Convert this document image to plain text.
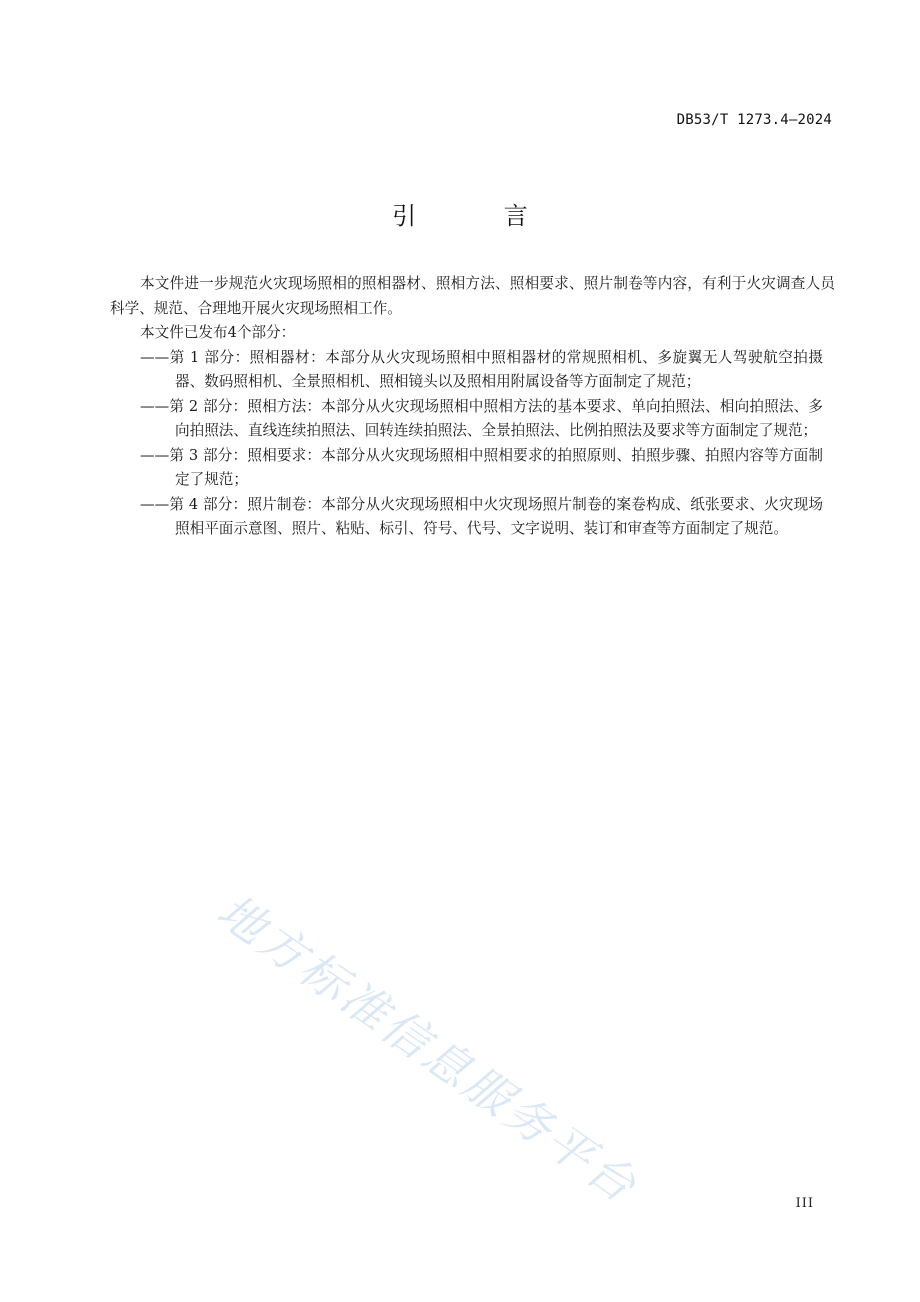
DB53/T 1273.4—2024
引 言

本文件进一步规范火灾现场照相的照相器材、照相方法、照相要求、照片制卷等内容，有利于火灾调查人员科学、规范、合理地开展火灾现场照相工作。

本文件已发布4个部分：

——第 1 部分：照相器材：本部分从火灾现场照相中照相器材的常规照相机、多旋翼无人驾驶航空拍摄器、数码照相机、全景照相机、照相镜头以及照相用附属设备等方面制定了规范；

——第 2 部分：照相方法：本部分从火灾现场照相中照相方法的基本要求、单向拍照法、相向拍照法、多向拍照法、直线连续拍照法、回转连续拍照法、全景拍照法、比例拍照法及要求等方面制定了规范；

——第 3 部分：照相要求：本部分从火灾现场照相中照相要求的拍照原则、拍照步骤、拍照内容等方面制定了规范；

——第 4 部分：照片制卷：本部分从火灾现场照相中火灾现场照片制卷的案卷构成、纸张要求、火灾现场照相平面示意图、照片、粘贴、标引、符号、代号、文字说明、装订和审查等方面制定了规范。

地方标准信息服务平台	III
